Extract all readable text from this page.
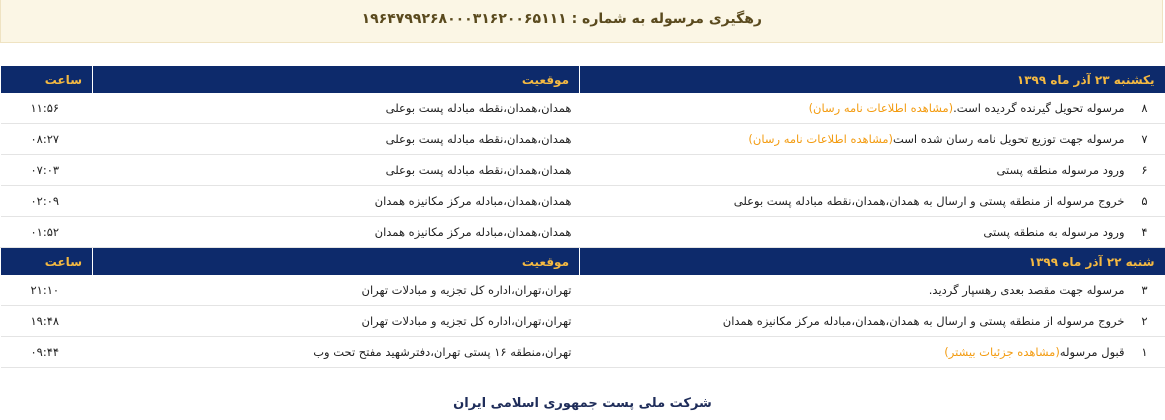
رهگیری مرسوله به شماره : ۱۹۶۴۷۹۹۲۶۸۰۰۰۳۱۶۲۰۰۶۵۱۱۱
یکشنبه ۲۳ آذر ماه ۱۳۹۹		موقعیت	ساعت
۸	مرسوله تحویل گیرنده گردیده است.(مشاهده اطلاعات نامه رسان)	همدان،همدان،نقطه مبادله پست بوعلی	۱۱:۵۶
۷	مرسوله جهت توزیع تحویل نامه رسان شده است(مشاهده اطلاعات نامه رسان)	همدان،همدان،نقطه مبادله پست بوعلی	۰۸:۲۷
۶	ورود مرسوله منطقه پستی	همدان،همدان،نقطه مبادله پست بوعلی	۰۷:۰۳
۵	خروج مرسوله از منطقه پستی و ارسال به همدان،همدان،نقطه مبادله پست بوعلی	همدان،همدان،مبادله مرکز مکانیزه همدان	۰۲:۰۹
۴	ورود مرسوله به منطقه پستی	همدان،همدان،مبادله مرکز مکانیزه همدان	۰۱:۵۲
شنبه ۲۲ آذر ماه ۱۳۹۹		موقعیت	ساعت
۳	مرسوله جهت مقصد بعدی رهسپار گردید.	تهران،تهران،اداره کل تجزیه و مبادلات تهران	۲۱:۱۰
۲	خروج مرسوله از منطقه پستی و ارسال به همدان،همدان،مبادله مرکز مکانیزه همدان	تهران،تهران،اداره کل تجزیه و مبادلات تهران	۱۹:۴۸
۱	قبول مرسوله(مشاهده جزئیات بیشتر)	تهران،منطقه ۱۶ پستی تهران،دفترشهید مفتح تحت وب	۰۹:۴۴
شرکت ملی پست جمهوری اسلامی ایران
